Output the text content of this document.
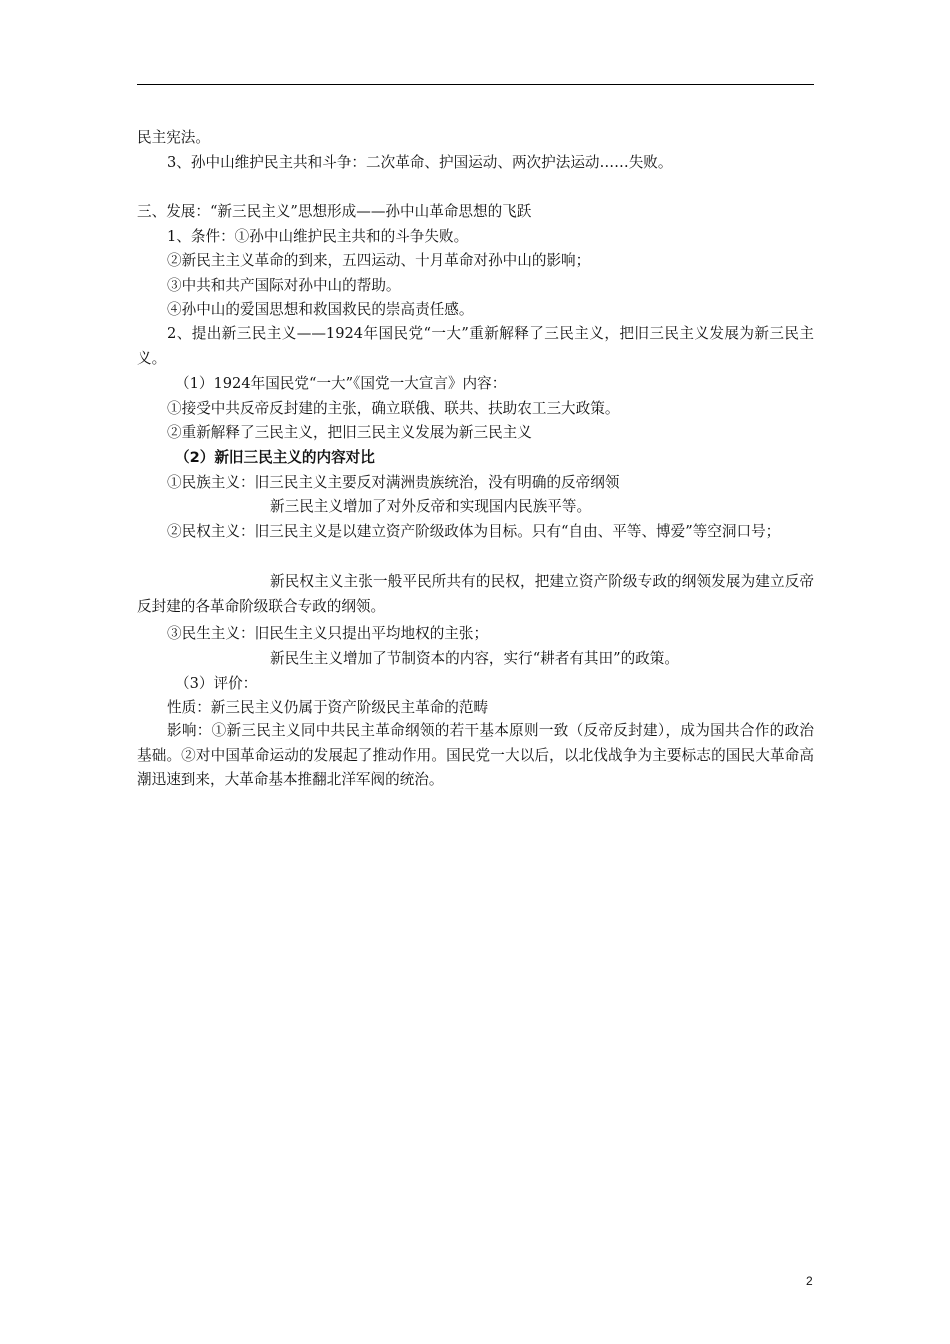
民主宪法。
3、孙中山维护民主共和斗争：二次革命、护国运动、两次护法运动……失败。
三、发展：“新三民主义”思想形成——孙中山革命思想的飞跃
1、条件：①孙中山维护民主共和的斗争失败。
②新民主主义革命的到来，五四运动、十月革命对孙中山的影响；
③中共和共产国际对孙中山的帮助。
④孙中山的爱国思想和救国救民的崇高责任感。
2、提出新三民主义——1924年国民党“一大”重新解释了三民主义，把旧三民主义发展为新三民主义。
（1）1924年国民党“一大”《国党一大宣言》内容：
①接受中共反帝反封建的主张，确立联俄、联共、扶助农工三大政策。
②重新解释了三民主义，把旧三民主义发展为新三民主义
（2）新旧三民主义的内容对比
①民族主义：旧三民主义主要反对满洲贵族统治，没有明确的反帝纲领
新三民主义增加了对外反帝和实现国内民族平等。
②民权主义：旧三民主义是以建立资产阶级政体为目标。只有“自由、平等、博爱”等空洞口号；
新民权主义主张一般平民所共有的民权，把建立资产阶级专政的纲领发展为建立反帝反封建的各革命阶级联合专政的纲领。
③民生主义：旧民生主义只提出平均地权的主张；
新民生主义增加了节制资本的内容，实行“耕者有其田”的政策。
（3）评价：
性质：新三民主义仍属于资产阶级民主革命的范畴
影响：①新三民主义同中共民主革命纲领的若干基本原则一致（反帝反封建），成为国共合作的政治基础。②对中国革命运动的发展起了推动作用。国民党一大以后，以北伐战争为主要标志的国民大革命高潮迅速到来，大革命基本推翻北洋军阀的统治。
2
